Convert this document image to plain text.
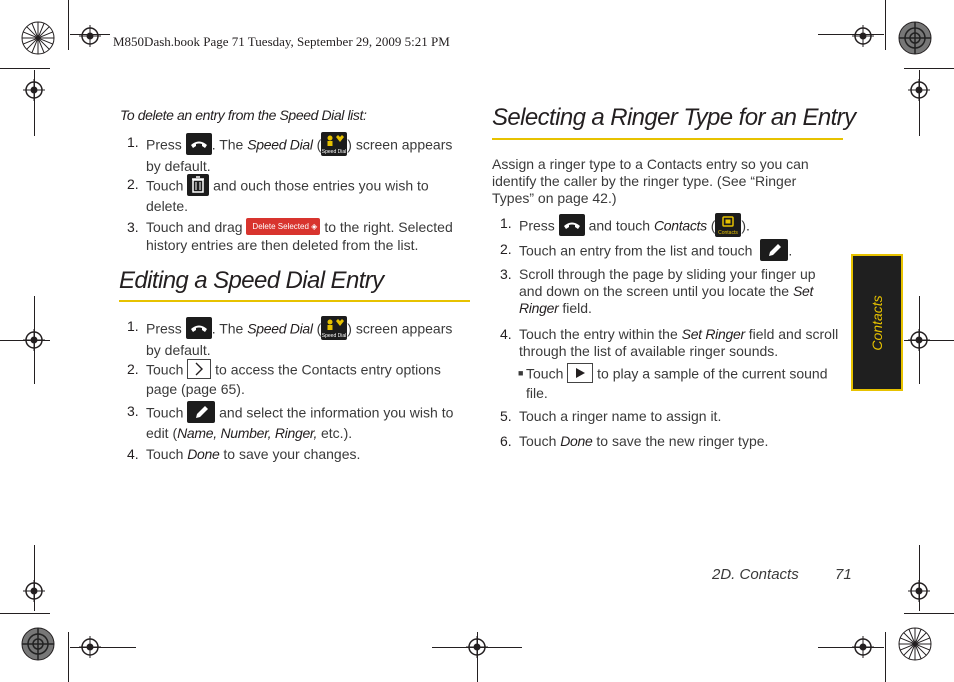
M850Dash.book Page 71 Tuesday, September 29, 2009 5:21 PM
To delete an entry from the Speed Dial list:
1. Press . The Speed Dial ( Speed Dial ) screen appears
by default.
2. Touch and ouch those entries you wish to
delete.
3. Touch and drag Delete Selected ◈ to the right. Selected
history entries are then deleted from the list.
Editing a Speed Dial Entry
1. Press . The Speed Dial ( Speed Dial ) screen appears
by default.
2. Touch to access the Contacts entry options
page (page 65).
3. Touch	and select the information you wish to
edit (Name, Number, Ringer, etc.).
4. Touch Done to save your changes.
Selecting a Ringer Type for an Entry
Assign a ringer type to a Contacts entry so you can
identify the caller by the ringer type. (See “Ringer
Types” on page 42.)
1. Press and touch Contacts ( Contacts ).
2. Touch an entry from the list and touch	.
3. Scroll through the page by sliding your finger up
and down on the screen until you locate the Set
Ringer field.
4. Touch the entry within the Set Ringer field and scroll
through the list of available ringer sounds.
■ Touch to play a sample of the current sound
file.
5. Touch a ringer name to assign it.
6. Touch Done to save the new ringer type.
Contacts
2D. Contacts 71
